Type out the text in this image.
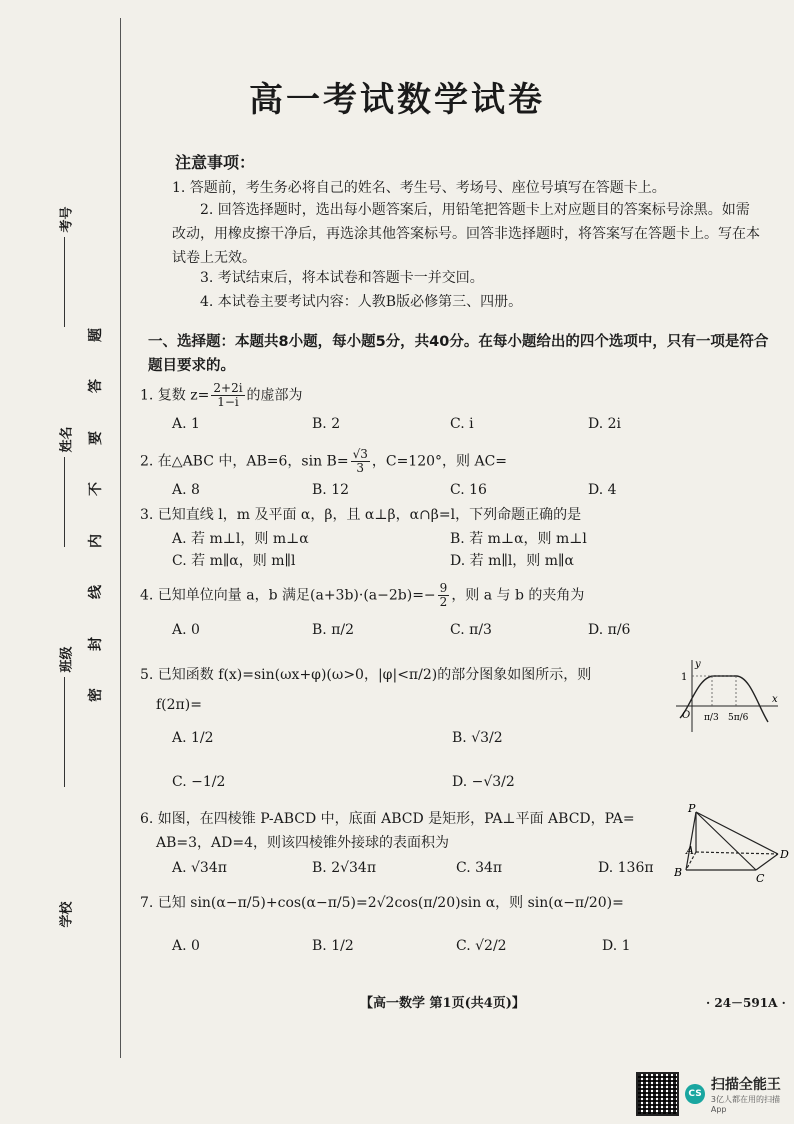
考号
姓名
班级
学校
题
答
要
不
内
线
封
密
高一考试数学试卷
注意事项：
1. 答题前，考生务必将自己的姓名、考生号、考场号、座位号填写在答题卡上。
2. 回答选择题时，选出每小题答案后，用铅笔把答题卡上对应题目的答案标号涂黑。如需改动，用橡皮擦干净后，再选涂其他答案标号。回答非选择题时，将答案写在答题卡上。写在本试卷上无效。
3. 考试结束后，将本试卷和答题卡一并交回。
4. 本试卷主要考试内容：人教B版必修第三、四册。
一、选择题：本题共8小题，每小题5分，共40分。在每小题给出的四个选项中，只有一项是符合题目要求的。
1. 复数 $z= \frac{2+2i}{1-i}$ 的虚部为
A. 1	B. 2	C. i	D. 2i
2. 在△ABC 中，AB=6，$\sin B= \frac{√3}{3}$ ，C=120°，则 AC=
A. 8	B. 12	C. 16	D. 4
3. 已知直线 l，m 及平面 α，β，且 α⊥β，α∩β=l，下列命题正确的是
A. 若 m⊥l，则 m⊥α	B. 若 m⊥α，则 m⊥l
C. 若 m∥α，则 m∥l	D. 若 m∥l，则 m∥α
4. 已知单位向量 a，b 满足$(a+3b)\cdot(a-2b)=- \frac{9}{2}$ ，则 a 与 b 的夹角为
A. 0	B. π/2	C. π/3	D. π/6
5. 已知函数 f(x)=sin(ωx+φ)(ω>0，|φ|<π/2)的部分图象如图所示，则
f(2π)=
A. 1/2	B. √3/2
C. −1/2	D. −√3/2
y
x
1
O π/3 5π/6
6. 如图，在四棱锥 P-ABCD 中，底面 ABCD 是矩形，PA⊥平面 ABCD，PA=
AB=3，AD=4，则该四棱锥外接球的表面积为
A. √34π	B. 2√34π	C. 34π	D. 136π
P
A
B	C
D
7. 已知 sin(α−π/5)+cos(α−π/5)=2√2cos(π/20)sin α，则 sin(α−π/20)=
A. 0	B. 1/2	C. √2/2	D. 1
【高一数学 第1页(共4页)】	· 24－591A ·
CS
扫描全能王
3亿人都在用的扫描App
